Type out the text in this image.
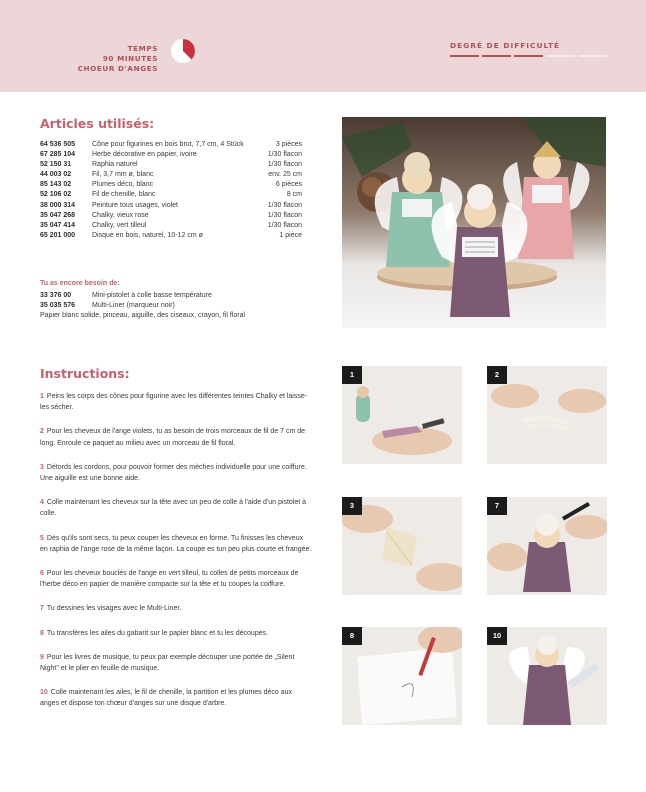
TEMPS
90 MINUTES
CHOEUR D'ANGES
DEGRÉ DE DIFFICULTÉ
Articles utilisés:
64 536 505	Cône pour figurines en bois brut, 7,7 cm, 4 Stück	3 pièces
67 285 104	Herbe décorative en papier, ivoire	1/30 flacon
52 150 31	Raphia naturel	1/30 flacon
44 003 02	Fil, 3,7 mm ø, blanc	env. 25 cm
85 143 02	Plumes déco, blanc	6 pièces
52 106 02	Fil de chenille, blanc	8 cm
38 000 314	Peinture tous usages, violet	1/30 flacon
35 047 268	Chalky, vieux rose	1/30 flacon
35 047 414	Chalky, vert tilleul	1/30 flacon
65 201 000	Disque en bois, naturel, 10-12 cm ø	1 pièce
Tu as encore besoin de:
33 376 00	Mini-pistolet à colle basse température
35 035 576	Multi-Liner (marqueur noir)
Papier blanc solide, pinceau, aiguille, des ciseaux, crayon, fil floral
Instructions:
1 Peins les corps des cônes pour figurine avec les différentes teintes Chalky et laisse-les sécher.
2 Pour les cheveux de l'ange violets, tu as besoin de trois morceaux de fil de 7 cm de long. Enroule ce paquet au milieu avec un morceau de fil floral.
3 Détords les cordons, pour pouvoir former des mèches individuelle pour une coiffure. Une aiguille est une bonne aide.
4 Colle maintenant les cheveux sur la tête avec un peu de colle à l'aide d'un pistolet à colle.
5 Dès qu'ils sont secs, tu peux couper les cheveux en forme. Tu finisses les cheveux en raphia de l'ange rose de la même façon. La coupe es tun peu plus courte et frangée.
6 Pour les cheveux bouclés de l'ange en vert tilleul, tu colles de petits morceaux de l'herbe déco en papier de manière compacte sur la tête et tu coupes la coiffure.
7 Tu dessines les visages avec le Multi-Liner.
8 Tu transfères les ailes du gabarit sur le papier blanc et tu les découpes.
9 Pour les livres de musique, tu peux par exemple découper une portée de „Silent Night" et le plier en feuille de musique.
10 Colle maintenant les ailes, le fil de chenille, la partition et les plumes déco aux anges et dispose ton chœur d'anges sur une disque d'arbre.
1	2
3	7
8	10
